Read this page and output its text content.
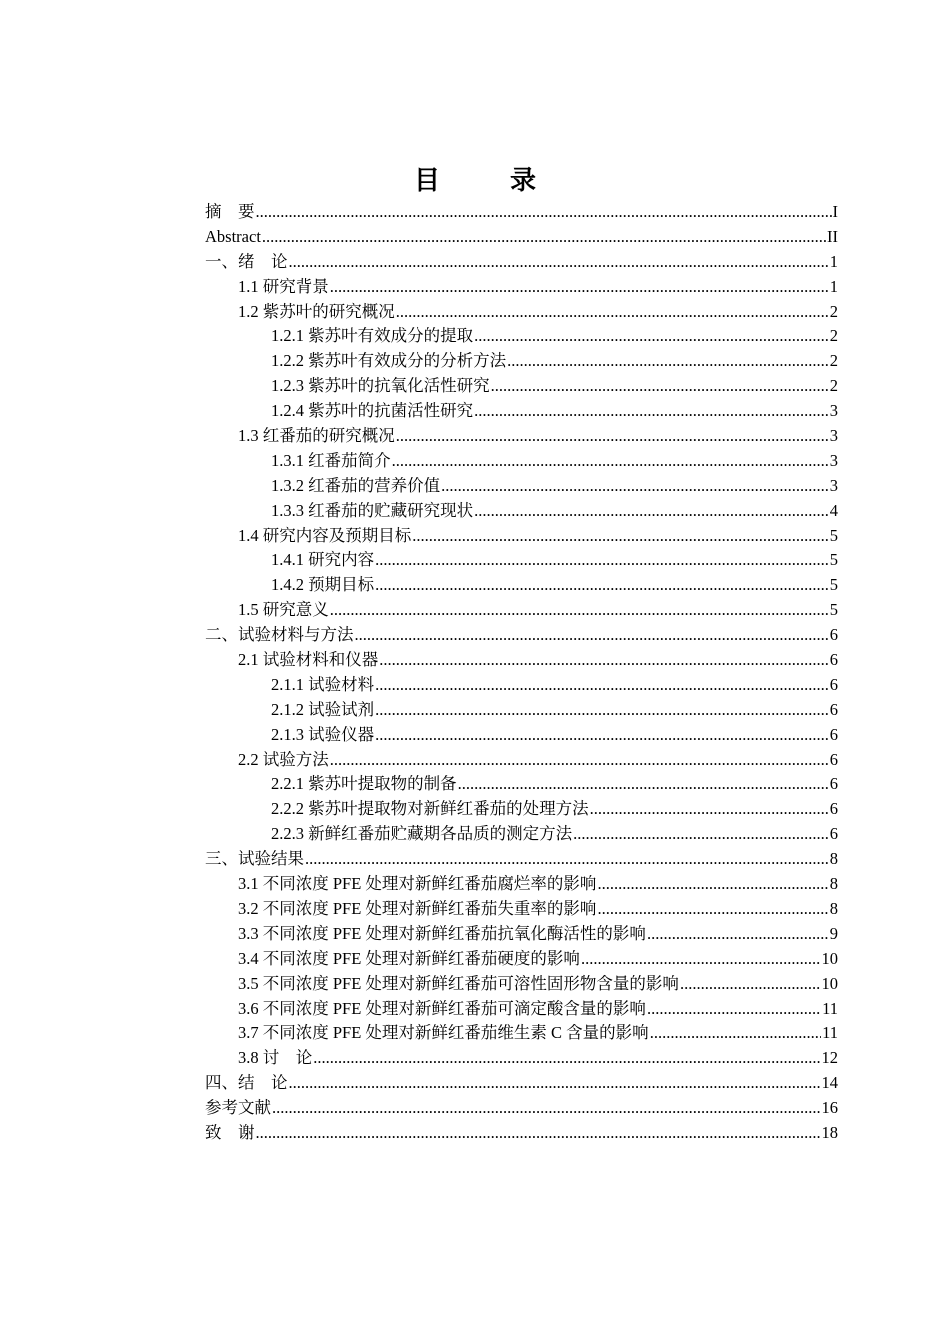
目　录
摘　要 .....	I
Abstract .....	II
一、绪　论 .....	1
1.1 研究背景 .....	1
1.2 紫苏叶的研究概况 .....	2
1.2.1 紫苏叶有效成分的提取 .....	2
1.2.2 紫苏叶有效成分的分析方法 .....	2
1.2.3 紫苏叶的抗氧化活性研究 .....	2
1.2.4 紫苏叶的抗菌活性研究 .....	3
1.3 红番茄的研究概况 .....	3
1.3.1 红番茄简介 .....	3
1.3.2 红番茄的营养价值 .....	3
1.3.3 红番茄的贮藏研究现状 .....	4
1.4 研究内容及预期目标 .....	5
1.4.1 研究内容 .....	5
1.4.2 预期目标 .....	5
1.5 研究意义 .....	5
二、试验材料与方法 .....	6
2.1 试验材料和仪器 .....	6
2.1.1 试验材料 .....	6
2.1.2 试验试剂 .....	6
2.1.3 试验仪器 .....	6
2.2 试验方法 .....	6
2.2.1 紫苏叶提取物的制备 .....	6
2.2.2 紫苏叶提取物对新鲜红番茄的处理方法 .....	6
2.2.3 新鲜红番茄贮藏期各品质的测定方法 .....	6
三、试验结果 .....	8
3.1 不同浓度 PFE 处理对新鲜红番茄腐烂率的影响 .....	8
3.2 不同浓度 PFE 处理对新鲜红番茄失重率的影响 .....	8
3.3 不同浓度 PFE 处理对新鲜红番茄抗氧化酶活性的影响 .....	9
3.4 不同浓度 PFE 处理对新鲜红番茄硬度的影响 .....	10
3.5 不同浓度 PFE 处理对新鲜红番茄可溶性固形物含量的影响 .....	10
3.6 不同浓度 PFE 处理对新鲜红番茄可滴定酸含量的影响 .....	11
3.7 不同浓度 PFE 处理对新鲜红番茄维生素 C 含量的影响 .....	11
3.8 讨　论 .....	12
四、结　论 .....	14
参考文献 .....	16
致　谢 .....	18
